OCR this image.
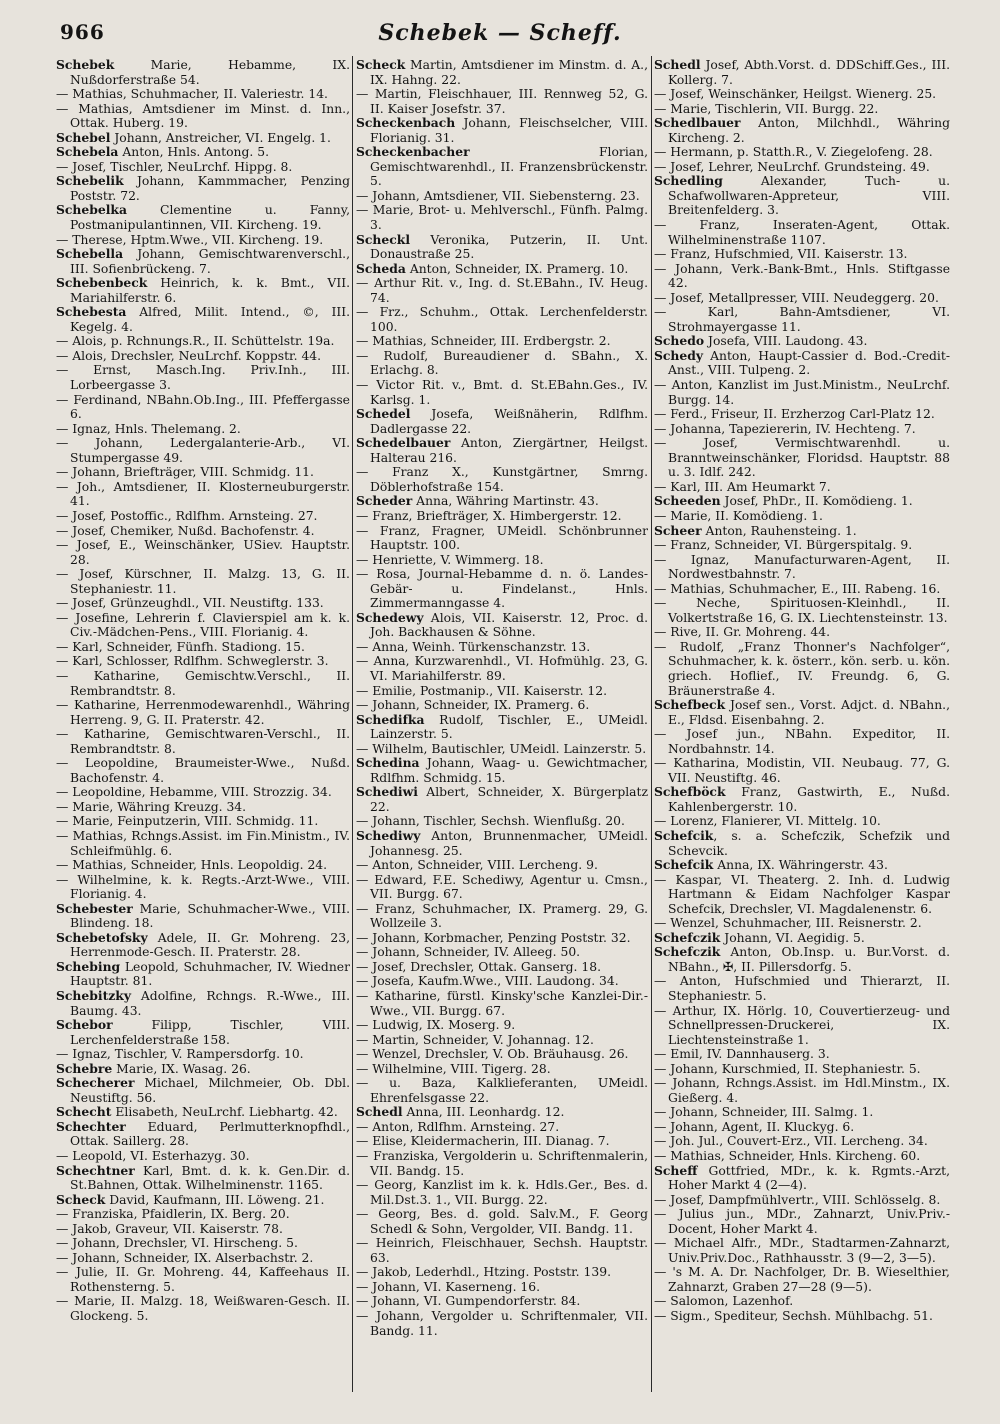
966	Schebek — Scheff.

Schebek Marie, Hebamme, IX. Nußdorferstraße 54.

— Mathias, Schuhmacher, II. Valeriestr. 14.

— Mathias, Amtsdiener im Minst. d. Inn., Ottak. Huberg. 19.

Schebel Johann, Anstreicher, VI. Engelg. 1.

Schebela Anton, Hnls. Antong. 5.

— Josef, Tischler, NeuLrchf. Hippg. 8.

Schebelik Johann, Kammmacher, Penzing Poststr. 72.

Schebelka Clementine u. Fanny, Postmanipulantinnen, VII. Kircheng. 19.

— Therese, Hptm.Wwe., VII. Kircheng. 19.

Schebella Johann, Gemischtwarenverschl., III. Sofienbrückeng. 7.

Schebenbeck Heinrich, k. k. Bmt., VII. Mariahilferstr. 6.

Schebesta Alfred, Milit. Intend., ©, III. Kegelg. 4.

— Alois, p. Rchnungs.R., II. Schüttelstr. 19a.

— Alois, Drechsler, NeuLrchf. Koppstr. 44.

— Ernst, Masch.Ing. Priv.Inh., III. Lorbeergasse 3.

— Ferdinand, NBahn.Ob.Ing., III. Pfeffergasse 6.

— Ignaz, Hnls. Thelemang. 2.

— Johann, Ledergalanterie-Arb., VI. Stumpergasse 49.

— Johann, Briefträger, VIII. Schmidg. 11.

— Joh., Amtsdiener, II. Klosterneuburgerstr. 41.

— Josef, Postoffic., Rdlfhm. Arnsteing. 27.

— Josef, Chemiker, Nußd. Bachofenstr. 4.

— Josef, E., Weinschänker, USiev. Hauptstr. 28.

— Josef, Kürschner, II. Malzg. 13, G. II. Stephaniestr. 11.

— Josef, Grünzeughdl., VII. Neustiftg. 133.

— Josefine, Lehrerin f. Clavierspiel am k. k. Civ.-Mädchen-Pens., VIII. Florianig. 4.

— Karl, Schneider, Fünfh. Stadiong. 15.

— Karl, Schlosser, Rdlfhm. Schweglerstr. 3.

— Katharine, Gemischtw.Verschl., II. Rembrandtstr. 8.

— Katharine, Herrenmodewarenhdl., Währing Herreng. 9, G. II. Praterstr. 42.

— Katharine, Gemischtwaren-Verschl., II. Rembrandtstr. 8.

— Leopoldine, Braumeister-Wwe., Nußd. Bachofenstr. 4.

— Leopoldine, Hebamme, VIII. Strozzig. 34.

— Marie, Währing Kreuzg. 34.

— Marie, Feinputzerin, VIII. Schmidg. 11.

— Mathias, Rchngs.Assist. im Fin.Ministm., IV. Schleifmühlg. 6.

— Mathias, Schneider, Hnls. Leopoldig. 24.

— Wilhelmine, k. k. Regts.-Arzt-Wwe., VIII. Florianig. 4.

Schebester Marie, Schuhmacher-Wwe., VIII. Blindeng. 18.

Schebetofsky Adele, II. Gr. Mohreng. 23, Herrenmode-Gesch. II. Praterstr. 28.

Schebing Leopold, Schuhmacher, IV. Wiedner Hauptstr. 81.

Schebitzky Adolfine, Rchngs. R.-Wwe., III. Baumg. 43.

Schebor Filipp, Tischler, VIII. Lerchenfelderstraße 158.

— Ignaz, Tischler, V. Rampersdorfg. 10.

Schebre Marie, IX. Wasag. 26.

Schecherer Michael, Milchmeier, Ob. Dbl. Neustiftg. 56.

Schecht Elisabeth, NeuLrchf. Liebhartg. 42.

Schechter Eduard, Perlmutterknopfhdl., Ottak. Saillerg. 28.

— Leopold, VI. Esterhazyg. 30.

Schechtner Karl, Bmt. d. k. k. Gen.Dir. d. St.Bahnen, Ottak. Wilhelminenstr. 1165.

Scheck David, Kaufmann, III. Löweng. 21.

— Franziska, Pfaidlerin, IX. Berg. 20.

— Jakob, Graveur, VII. Kaiserstr. 78.

— Johann, Drechsler, VI. Hirscheng. 5.

— Johann, Schneider, IX. Alserbachstr. 2.

— Julie, II. Gr. Mohreng. 44, Kaffeehaus II. Rothensterng. 5.

— Marie, II. Malzg. 18, Weißwaren-Gesch. II. Glockeng. 5.

Scheck Martin, Amtsdiener im Minstm. d. A., IX. Hahng. 22.

— Martin, Fleischhauer, III. Rennweg 52, G. II. Kaiser Josefstr. 37.

Scheckenbach Johann, Fleischselcher, VIII. Florianig. 31.

Scheckenbacher Florian, Gemischtwarenhdl., II. Franzensbrückenstr. 5.

— Johann, Amtsdiener, VII. Siebensterng. 23.

— Marie, Brot- u. Mehlverschl., Fünfh. Palmg. 3.

Scheckl Veronika, Putzerin, II. Unt. Donaustraße 25.

Scheda Anton, Schneider, IX. Pramerg. 10.

— Arthur Rit. v., Ing. d. St.EBahn., IV. Heug. 74.

— Frz., Schuhm., Ottak. Lerchenfelderstr. 100.

— Mathias, Schneider, III. Erdbergstr. 2.

— Rudolf, Bureaudiener d. SBahn., X. Erlachg. 8.

— Victor Rit. v., Bmt. d. St.EBahn.Ges., IV. Karlsg. 1.

Schedel Josefa, Weißnäherin, Rdlfhm. Dadlergasse 22.

Schedelbauer Anton, Ziergärtner, Heilgst. Halterau 216.

— Franz X., Kunstgärtner, Smrng. Döblerhofstraße 154.

Scheder Anna, Währing Martinstr. 43.

— Franz, Briefträger, X. Himbergerstr. 12.

— Franz, Fragner, UMeidl. Schönbrunner Hauptstr. 100.

— Henriette, V. Wimmerg. 18.

— Rosa, Journal-Hebamme d. n. ö. Landes-Gebär- u. Findelanst., Hnls. Zimmermanngasse 4.

Schedewy Alois, VII. Kaiserstr. 12, Proc. d. Joh. Backhausen & Söhne.

— Anna, Weinh. Türkenschanzstr. 13.

— Anna, Kurzwarenhdl., VI. Hofmühlg. 23, G. VI. Mariahilferstr. 89.

— Emilie, Postmanip., VII. Kaiserstr. 12.

— Johann, Schneider, IX. Pramerg. 6.

Schedifka Rudolf, Tischler, E., UMeidl. Lainzerstr. 5.

— Wilhelm, Bautischler, UMeidl. Lainzerstr. 5.

Schedina Johann, Waag- u. Gewichtmacher, Rdlfhm. Schmidg. 15.

Schediwi Albert, Schneider, X. Bürgerplatz 22.

— Johann, Tischler, Sechsh. Wienflußg. 20.

Schediwy Anton, Brunnenmacher, UMeidl. Johannesg. 25.

— Anton, Schneider, VIII. Lercheng. 9.

— Edward, F.E. Schediwy, Agentur u. Cmsn., VII. Burgg. 67.

— Franz, Schuhmacher, IX. Pramerg. 29, G. Wollzeile 3.

— Johann, Korbmacher, Penzing Poststr. 32.

— Johann, Schneider, IV. Alleeg. 50.

— Josef, Drechsler, Ottak. Ganserg. 18.

— Josefa, Kaufm.Wwe., VIII. Laudong. 34.

— Katharine, fürstl. Kinsky'sche Kanzlei-Dir.-Wwe., VII. Burgg. 67.

— Ludwig, IX. Moserg. 9.

— Martin, Schneider, V. Johannag. 12.

— Wenzel, Drechsler, V. Ob. Bräuhausg. 26.

— Wilhelmine, VIII. Tigerg. 28.

— u. Baza, Kalklieferanten, UMeidl. Ehrenfelsgasse 22.

Schedl Anna, III. Leonhardg. 12.

— Anton, Rdlfhm. Arnsteing. 27.

— Elise, Kleidermacherin, III. Dianag. 7.

— Franziska, Vergolderin u. Schriftenmalerin, VII. Bandg. 15.

— Georg, Kanzlist im k. k. Hdls.Ger., Bes. d. Mil.Dst.3. 1., VII. Burgg. 22.

— Georg, Bes. d. gold. Salv.M., F. Georg Schedl & Sohn, Vergolder, VII. Bandg. 11.

— Heinrich, Fleischhauer, Sechsh. Hauptstr. 63.

— Jakob, Lederhdl., Htzing. Poststr. 139.

— Johann, VI. Kaserneng. 16.

— Johann, VI. Gumpendorferstr. 84.

— Johann, Vergolder u. Schriftenmaler, VII. Bandg. 11.

Schedl Josef, Abth.Vorst. d. DDSchiff.Ges., III. Kollerg. 7.

— Josef, Weinschänker, Heilgst. Wienerg. 25.

— Marie, Tischlerin, VII. Burgg. 22.

Schedlbauer Anton, Milchhdl., Währing Kircheng. 2.

— Hermann, p. Statth.R., V. Ziegelofeng. 28.

— Josef, Lehrer, NeuLrchf. Grundsteing. 49.

Schedling Alexander, Tuch- u. Schafwollwaren-Appreteur, VIII. Breitenfelderg. 3.

— Franz, Inseraten-Agent, Ottak. Wilhelminenstraße 1107.

— Franz, Hufschmied, VII. Kaiserstr. 13.

— Johann, Verk.-Bank-Bmt., Hnls. Stiftgasse 42.

— Josef, Metallpresser, VIII. Neudeggerg. 20.

— Karl, Bahn-Amtsdiener, VI. Strohmayergasse 11.

Schedo Josefa, VIII. Laudong. 43.

Schedy Anton, Haupt-Cassier d. Bod.-Credit-Anst., VIII. Tulpeng. 2.

— Anton, Kanzlist im Just.Ministm., NeuLrchf. Burgg. 14.

— Ferd., Friseur, II. Erzherzog Carl-Platz 12.

— Johanna, Tapeziererin, IV. Hechteng. 7.

— Josef, Vermischtwarenhdl. u. Branntweinschänker, Floridsd. Hauptstr. 88 u. 3. Idlf. 242.

— Karl, III. Am Heumarkt 7.

Scheeden Josef, PhDr., II. Komödieng. 1.

— Marie, II. Komödieng. 1.

Scheer Anton, Rauhensteing. 1.

— Franz, Schneider, VI. Bürgerspitalg. 9.

— Ignaz, Manufacturwaren-Agent, II. Nordwestbahnstr. 7.

— Mathias, Schuhmacher, E., III. Rabeng. 16.

— Neche, Spirituosen-Kleinhdl., II. Volkertstraße 16, G. IX. Liechtensteinstr. 13.

— Rive, II. Gr. Mohreng. 44.

— Rudolf, „Franz Thonner's Nachfolger“, Schuhmacher, k. k. österr., kön. serb. u. kön. griech. Hoflief., IV. Freundg. 6, G. Bräunerstraße 4.

Schefbeck Josef sen., Vorst. Adjct. d. NBahn., E., Fldsd. Eisenbahng. 2.

— Josef jun., NBahn. Expeditor, II. Nordbahnstr. 14.

— Katharina, Modistin, VII. Neubaug. 77, G. VII. Neustiftg. 46.

Schefböck Franz, Gastwirth, E., Nußd. Kahlenbergerstr. 10.

— Lorenz, Flanierer, VI. Mittelg. 10.

Schefcik, s. a. Schefczik, Schefzik und Schevcik.

Schefcik Anna, IX. Währingerstr. 43.

— Kaspar, VI. Theaterg. 2. Inh. d. Ludwig Hartmann & Eidam Nachfolger Kaspar Schefcik, Drechsler, VI. Magdalenenstr. 6.

— Wenzel, Schuhmacher, III. Reisnerstr. 2.

Schefczik Johann, VI. Aegidig. 5.

Schefczik Anton, Ob.Insp. u. Bur.Vorst. d. NBahn., ✠, II. Pillersdorfg. 5.

— Anton, Hufschmied und Thierarzt, II. Stephaniestr. 5.

— Arthur, IX. Hörlg. 10, Couvertierzeug- und Schnellpressen-Druckerei, IX. Liechtensteinstraße 1.

— Emil, IV. Dannhauserg. 3.

— Johann, Kurschmied, II. Stephaniestr. 5.

— Johann, Rchngs.Assist. im Hdl.Minstm., IX. Gießerg. 4.

— Johann, Schneider, III. Salmg. 1.

— Johann, Agent, II. Kluckyg. 6.

— Joh. Jul., Couvert-Erz., VII. Lercheng. 34.

— Mathias, Schneider, Hnls. Kircheng. 60.

Scheff Gottfried, MDr., k. k. Rgmts.-Arzt, Hoher Markt 4 (2—4).

— Josef, Dampfmühlvertr., VIII. Schlösselg. 8.

— Julius jun., MDr., Zahnarzt, Univ.Priv.-Docent, Hoher Markt 4.

— Michael Alfr., MDr., Stadtarmen-Zahnarzt, Univ.Priv.Doc., Rathhausstr. 3 (9—2, 3—5).

— 's M. A. Dr. Nachfolger, Dr. B. Wieselthier, Zahnarzt, Graben 27—28 (9—5).

— Salomon, Lazenhof.

— Sigm., Spediteur, Sechsh. Mühlbachg. 51.
